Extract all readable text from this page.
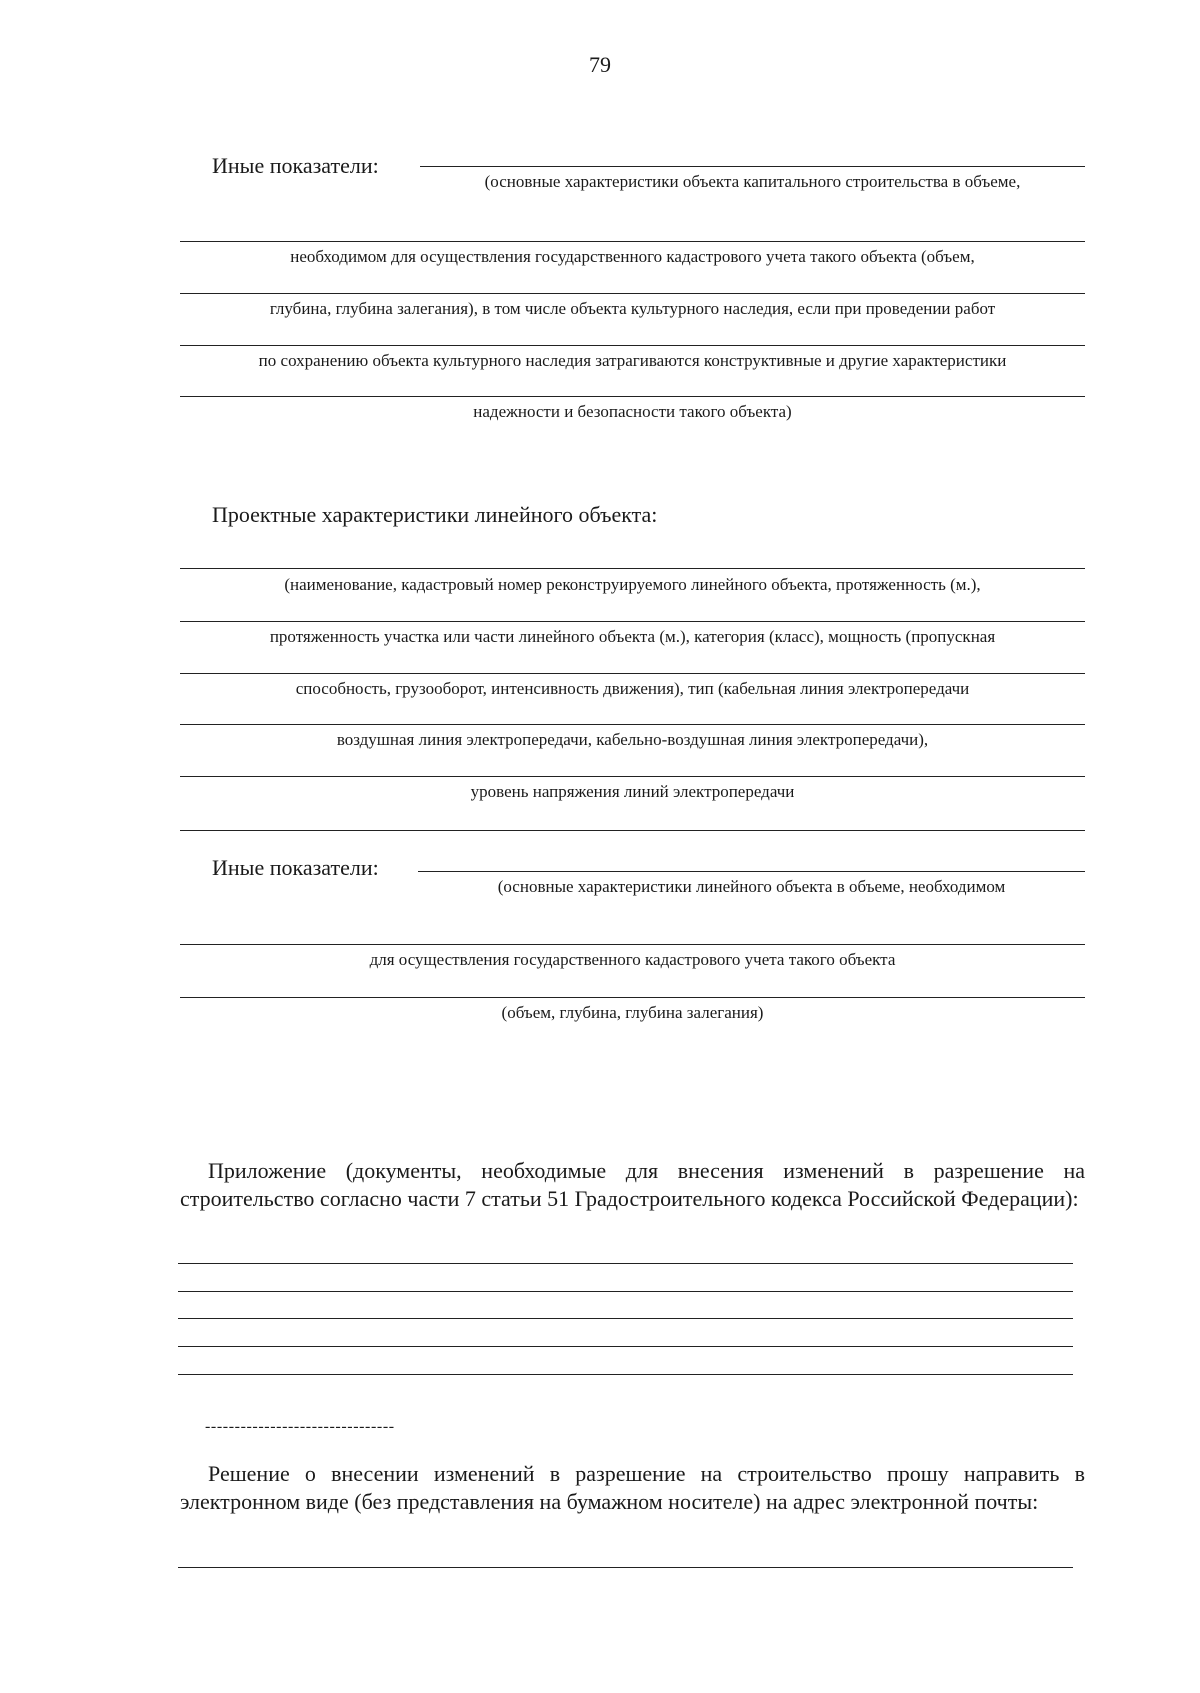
79
Иные показатели:
(основные характеристики объекта капитального строительства в объеме,
необходимом для осуществления государственного кадастрового учета такого объекта (объем,
глубина, глубина залегания), в том числе объекта культурного наследия, если при проведении работ
по сохранению объекта культурного наследия затрагиваются конструктивные и другие характеристики
надежности и безопасности такого объекта)
Проектные характеристики линейного объекта:
(наименование, кадастровый номер реконструируемого линейного объекта, протяженность (м.),
протяженность участка или части линейного объекта (м.), категория (класс), мощность (пропускная
способность, грузооборот, интенсивность движения), тип (кабельная линия электропередачи
воздушная линия электропередачи, кабельно-воздушная линия электропередачи),
уровень напряжения линий электропередачи
Иные показатели:
(основные характеристики линейного объекта в объеме, необходимом
для осуществления государственного кадастрового учета такого объекта
(объем, глубина, глубина залегания)
Приложение (документы, необходимые для внесения изменений в разрешение на строительство согласно части 7 статьи 51 Градостроительного кодекса Российской Федерации):
--------------------------------
Решение о внесении изменений в разрешение на строительство прошу направить в электронном виде (без представления на бумажном носителе) на адрес электронной почты:
